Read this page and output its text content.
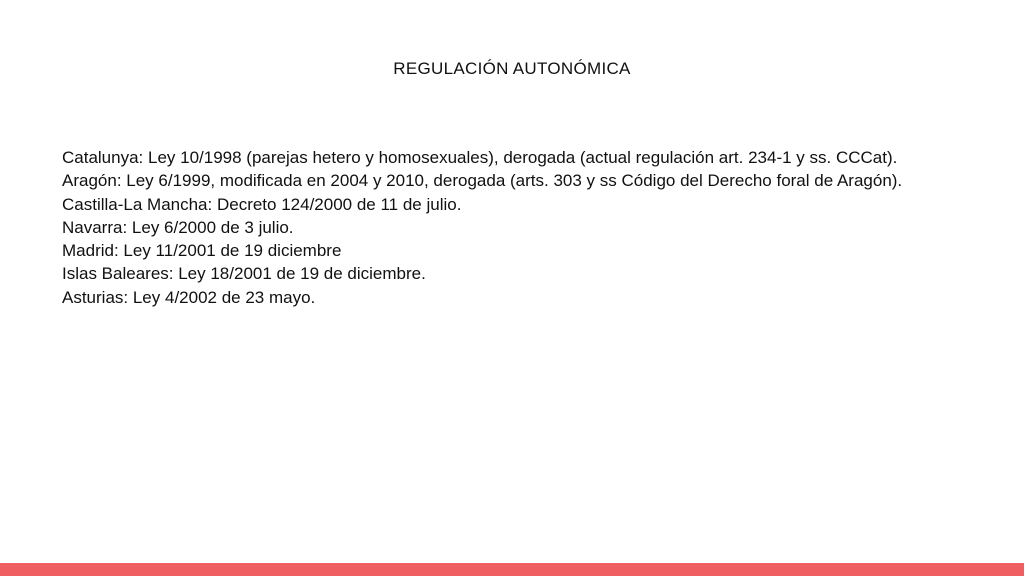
REGULACIÓN AUTONÓMICA
Catalunya: Ley 10/1998 (parejas hetero y homosexuales), derogada (actual regulación art. 234-1 y ss. CCCat).
Aragón: Ley 6/1999, modificada en 2004 y 2010, derogada (arts. 303 y ss Código del Derecho foral de Aragón).
Castilla-La Mancha: Decreto 124/2000 de 11 de julio.
Navarra: Ley 6/2000 de 3 julio.
Madrid: Ley 11/2001 de 19 diciembre
Islas Baleares: Ley 18/2001 de 19 de diciembre.
Asturias: Ley 4/2002 de 23 mayo.
